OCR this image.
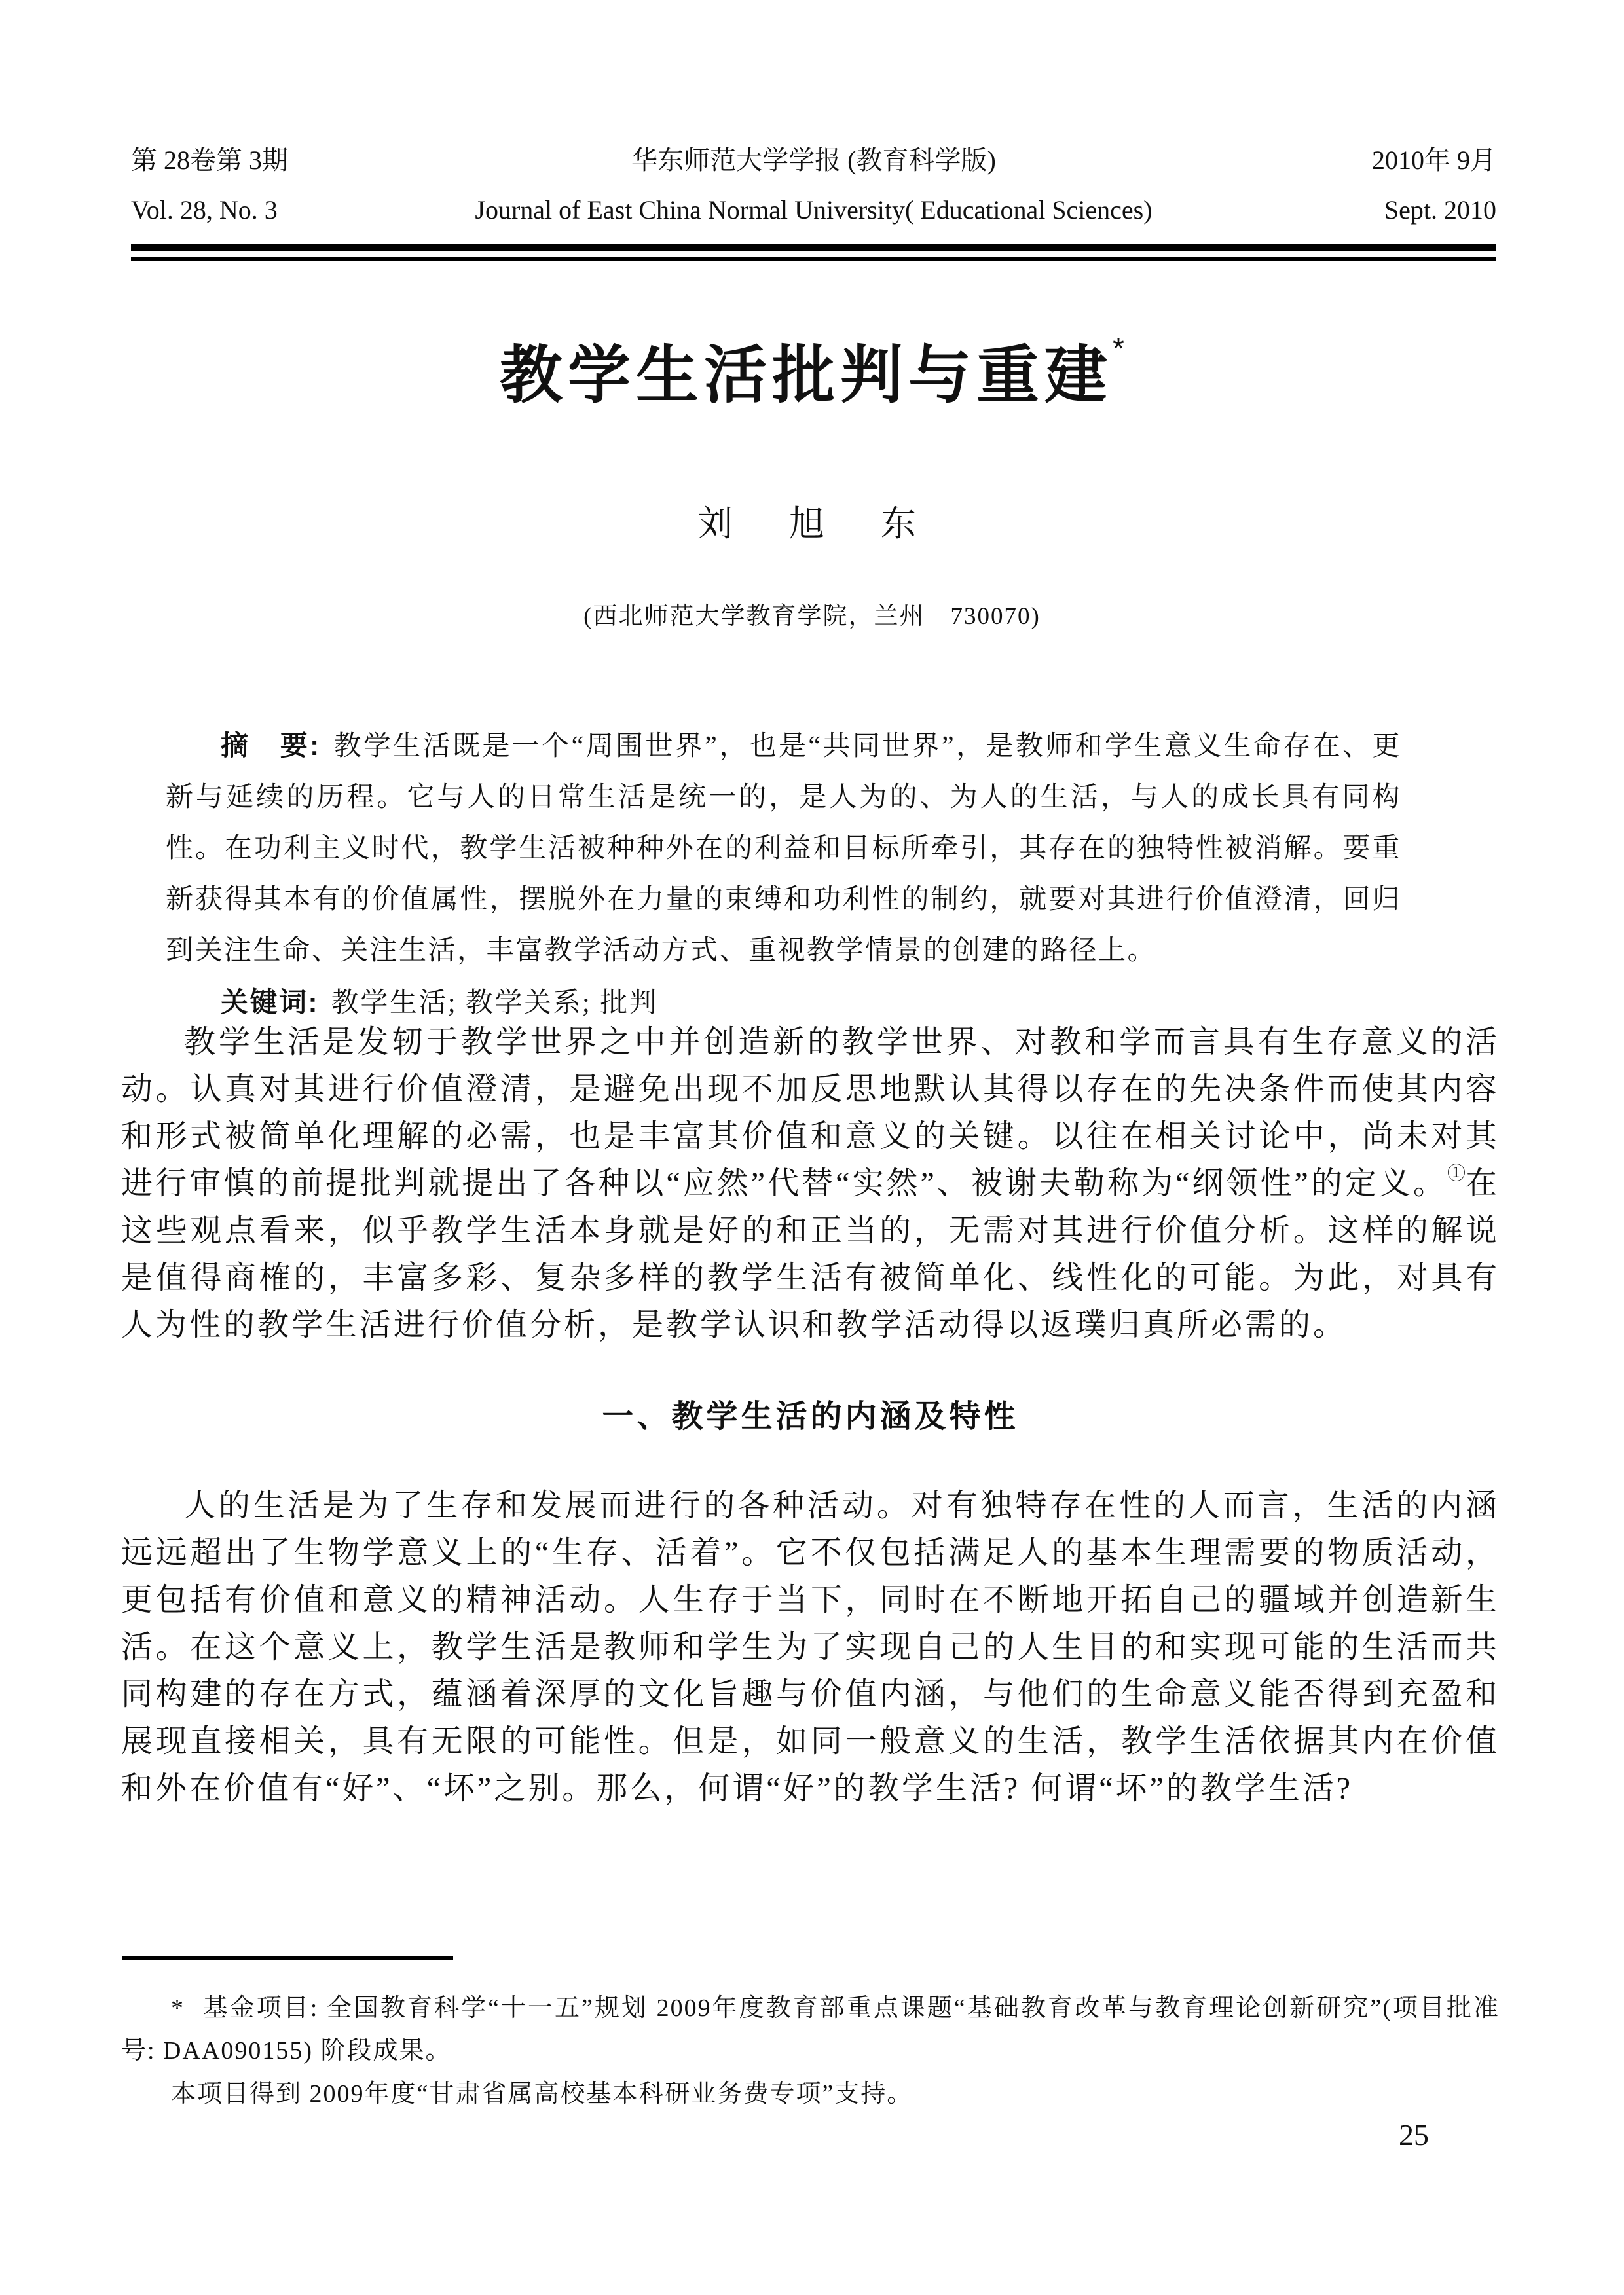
第 28卷第 3期	华东师范大学学报 (教育科学版)	2010年 9月
Vol. 28, No. 3	Journal of East China Normal University( Educational Sciences)	Sept. 2010
教学生活批判与重建*
刘　旭　东
(西北师范大学教育学院，兰州　730070)

摘　要: 教学生活既是一个“周围世界”，也是“共同世界”，是教师和学生意义生命存在、更新与延续的历程。它与人的日常生活是统一的，是人为的、为人的生活，与人的成长具有同构性。在功利主义时代，教学生活被种种外在的利益和目标所牵引，其存在的独特性被消解。要重新获得其本有的价值属性，摆脱外在力量的束缚和功利性的制约，就要对其进行价值澄清，回归到关注生命、关注生活，丰富教学活动方式、重视教学情景的创建的路径上。

关键词: 教学生活; 教学关系; 批判

教学生活是发轫于教学世界之中并创造新的教学世界、对教和学而言具有生存意义的活动。认真对其进行价值澄清，是避免出现不加反思地默认其得以存在的先决条件而使其内容和形式被简单化理解的必需，也是丰富其价值和意义的关键。以往在相关讨论中，尚未对其进行审慎的前提批判就提出了各种以“应然”代替“实然”、被谢夫勒称为“纲领性”的定义。①在这些观点看来，似乎教学生活本身就是好的和正当的，无需对其进行价值分析。这样的解说是值得商榷的，丰富多彩、复杂多样的教学生活有被简单化、线性化的可能。为此，对具有人为性的教学生活进行价值分析，是教学认识和教学活动得以返璞归真所必需的。

一、教学生活的内涵及特性

人的生活是为了生存和发展而进行的各种活动。对有独特存在性的人而言，生活的内涵远远超出了生物学意义上的“生存、活着”。它不仅包括满足人的基本生理需要的物质活动，更包括有价值和意义的精神活动。人生存于当下，同时在不断地开拓自己的疆域并创造新生活。在这个意义上，教学生活是教师和学生为了实现自己的人生目的和实现可能的生活而共同构建的存在方式，蕴涵着深厚的文化旨趣与价值内涵，与他们的生命意义能否得到充盈和展现直接相关，具有无限的可能性。但是，如同一般意义的生活，教学生活依据其内在价值和外在价值有“好”、“坏”之别。那么，何谓“好”的教学生活? 何谓“坏”的教学生活?

* 基金项目: 全国教育科学“十一五”规划 2009年度教育部重点课题“基础教育改革与教育理论创新研究”(项目批准号: DAA090155) 阶段成果。

本项目得到 2009年度“甘肃省属高校基本科研业务费专项”支持。

25
